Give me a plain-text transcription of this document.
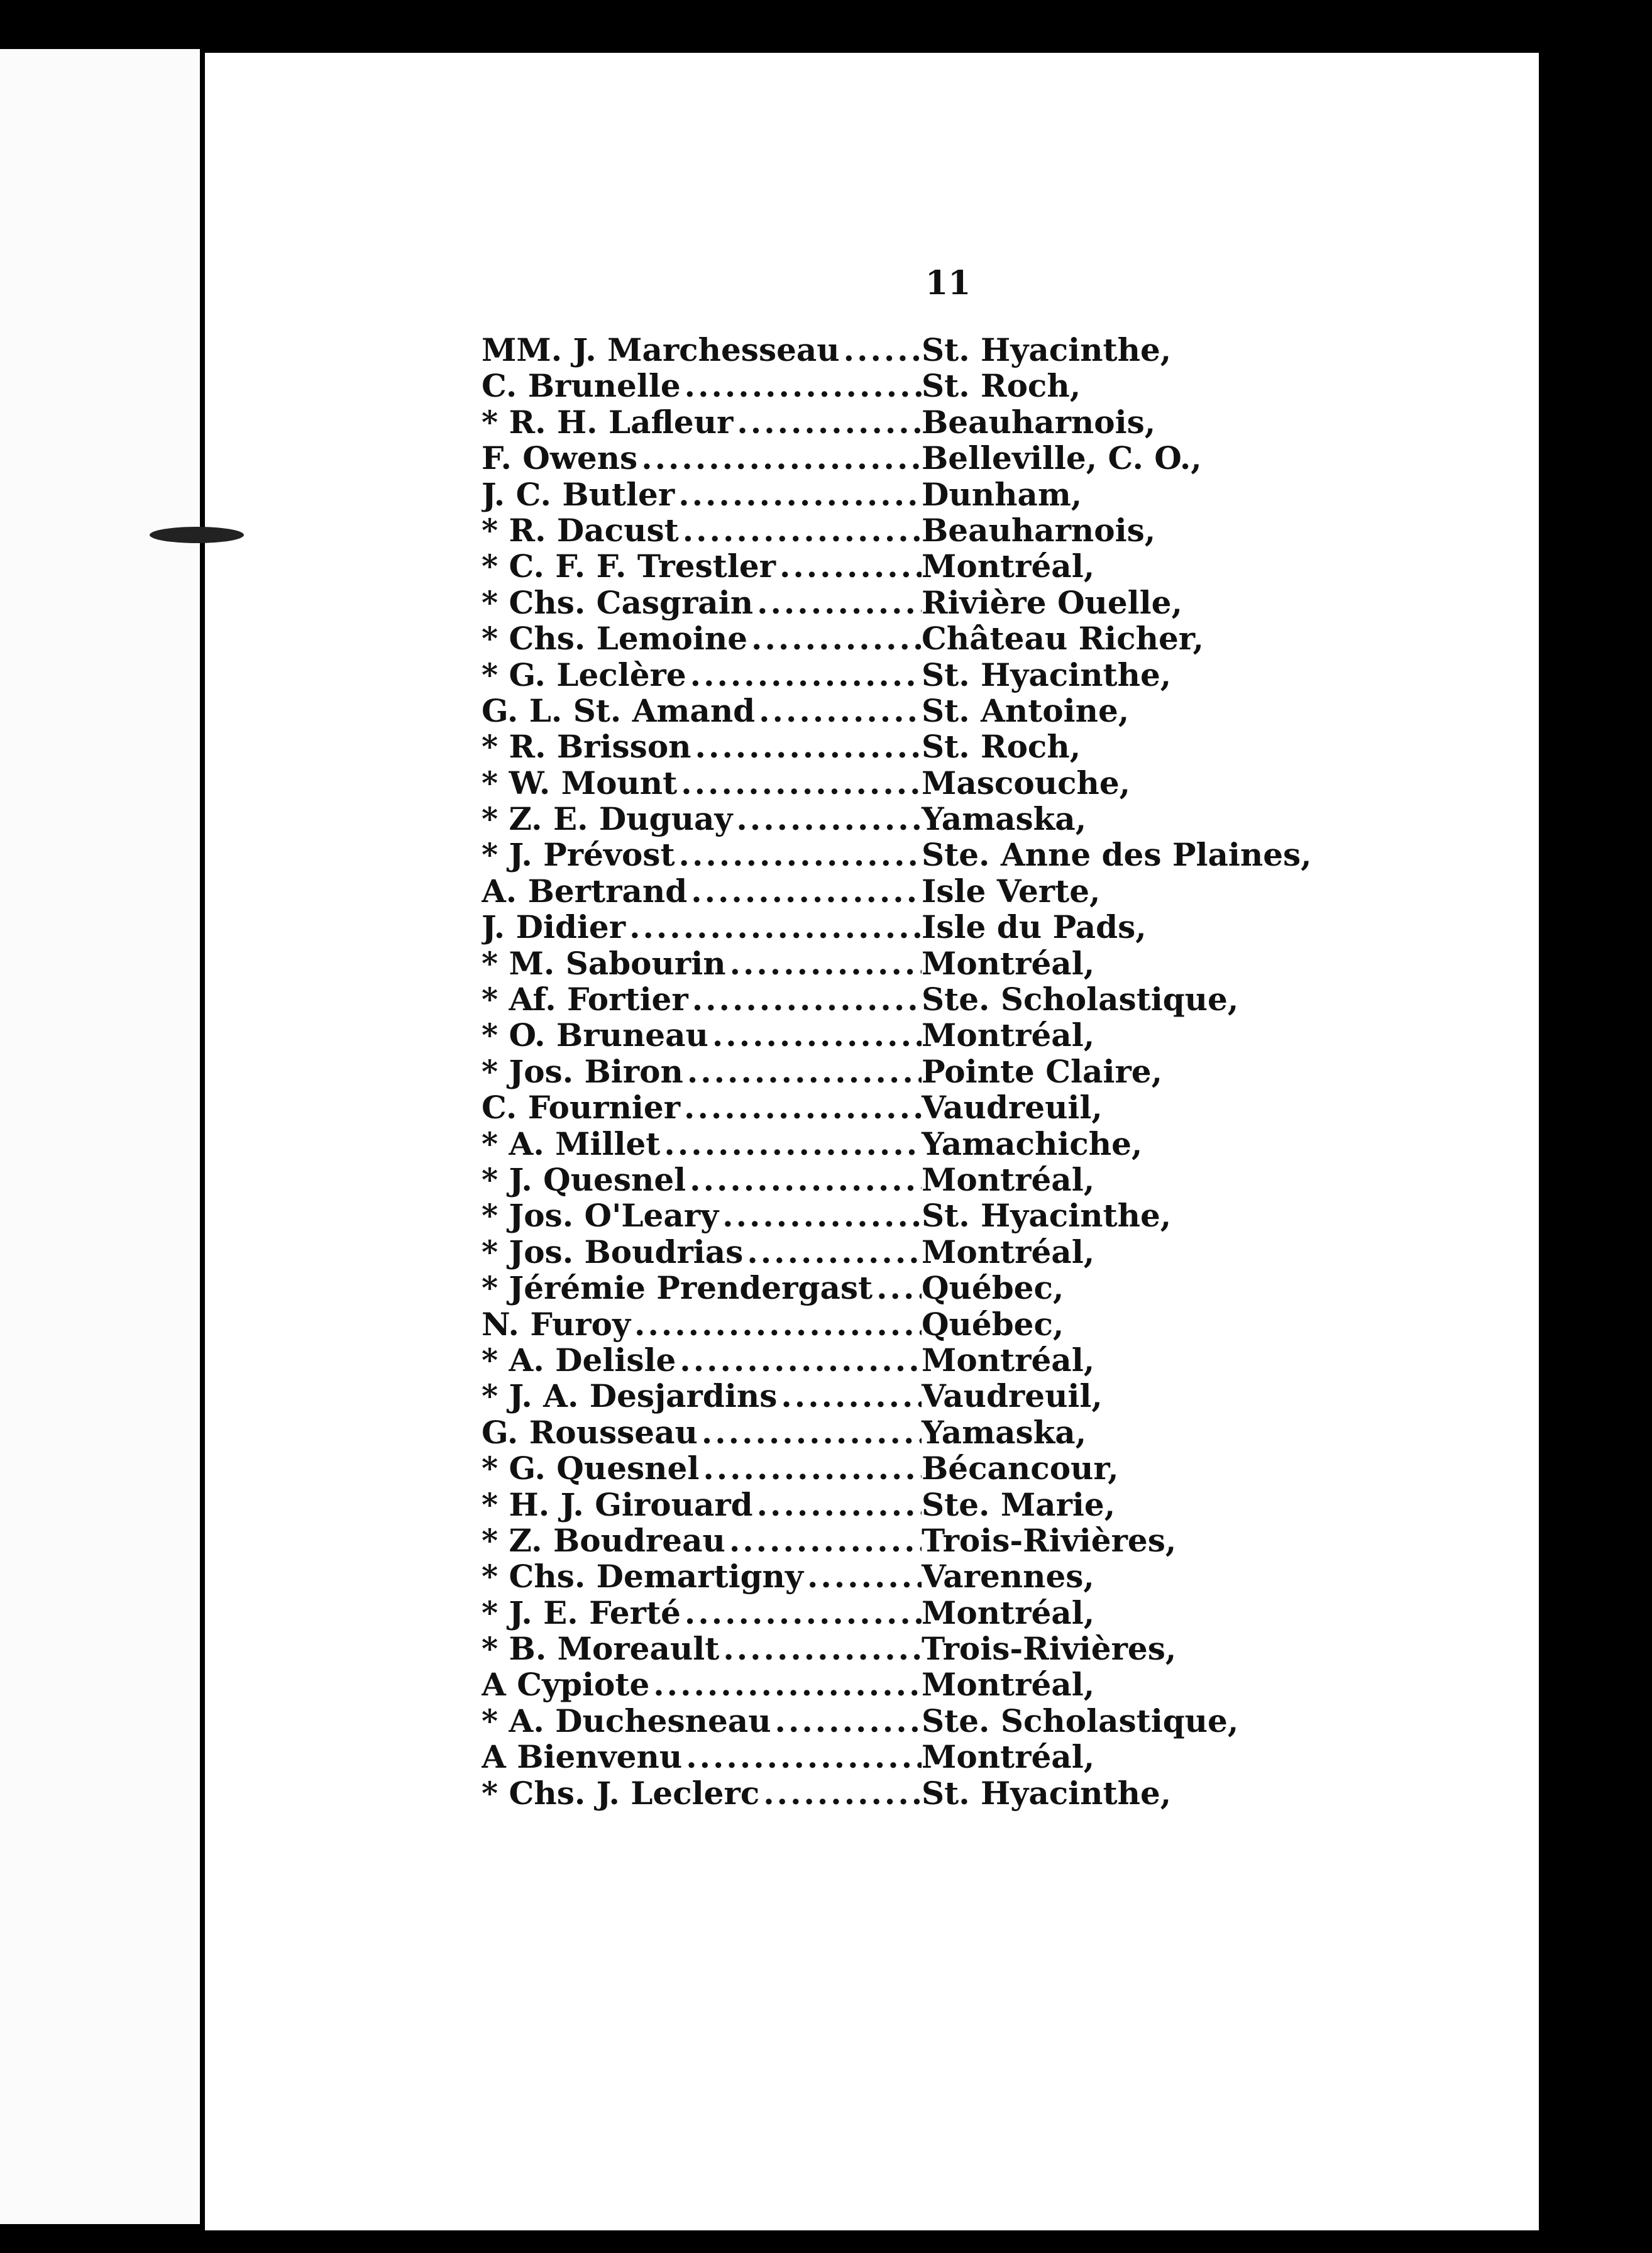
11
MM. J. Marchesseau .....	St. Hyacinthe,
C. Brunelle .....	St. Roch,
* R. H. Lafleur .....	Beauharnois,
F. Owens .....	Belleville, C. O.,
J. C. Butler .....	Dunham,
* R. Dacust .....	Beauharnois,
* C. F. F. Trestler .....	Montréal,
* Chs. Casgrain .....	Rivière Ouelle,
* Chs. Lemoine .....	Château Richer,
* G. Leclère .....	St. Hyacinthe,
G. L. St. Amand .....	St. Antoine,
* R. Brisson .....	St. Roch,
* W. Mount .....	Mascouche,
* Z. E. Duguay .....	Yamaska,
* J. Prévost .....	Ste. Anne des Plaines,
A. Bertrand .....	Isle Verte,
J. Didier .....	Isle du Pads,
* M. Sabourin .....	Montréal,
* Af. Fortier .....	Ste. Scholastique,
* O. Bruneau .....	Montréal,
* Jos. Biron .....	Pointe Claire,
C. Fournier .....	Vaudreuil,
* A. Millet .....	Yamachiche,
* J. Quesnel .....	Montréal,
* Jos. O'Leary .....	St. Hyacinthe,
* Jos. Boudrias .....	Montréal,
* Jérémie Prendergast ..... Québec,
N. Furoy .....	Québec,
* A. Delisle .....	Montréal,
* J. A. Desjardins .....	Vaudreuil,
G. Rousseau .....	Yamaska,
* G. Quesnel .....	Bécancour,
* H. J. Girouard .....	Ste. Marie,
* Z. Boudreau .....	Trois-Rivières,
* Chs. Demartigny .....	Varennes,
* J. E. Ferté .....	Montréal,
* B. Moreault .....	Trois-Rivières,
A Cypiote .....	Montréal,
* A. Duchesneau .....	Ste. Scholastique,
A Bienvenu .....	Montréal,
* Chs. J. Leclerc .....	St. Hyacinthe,
